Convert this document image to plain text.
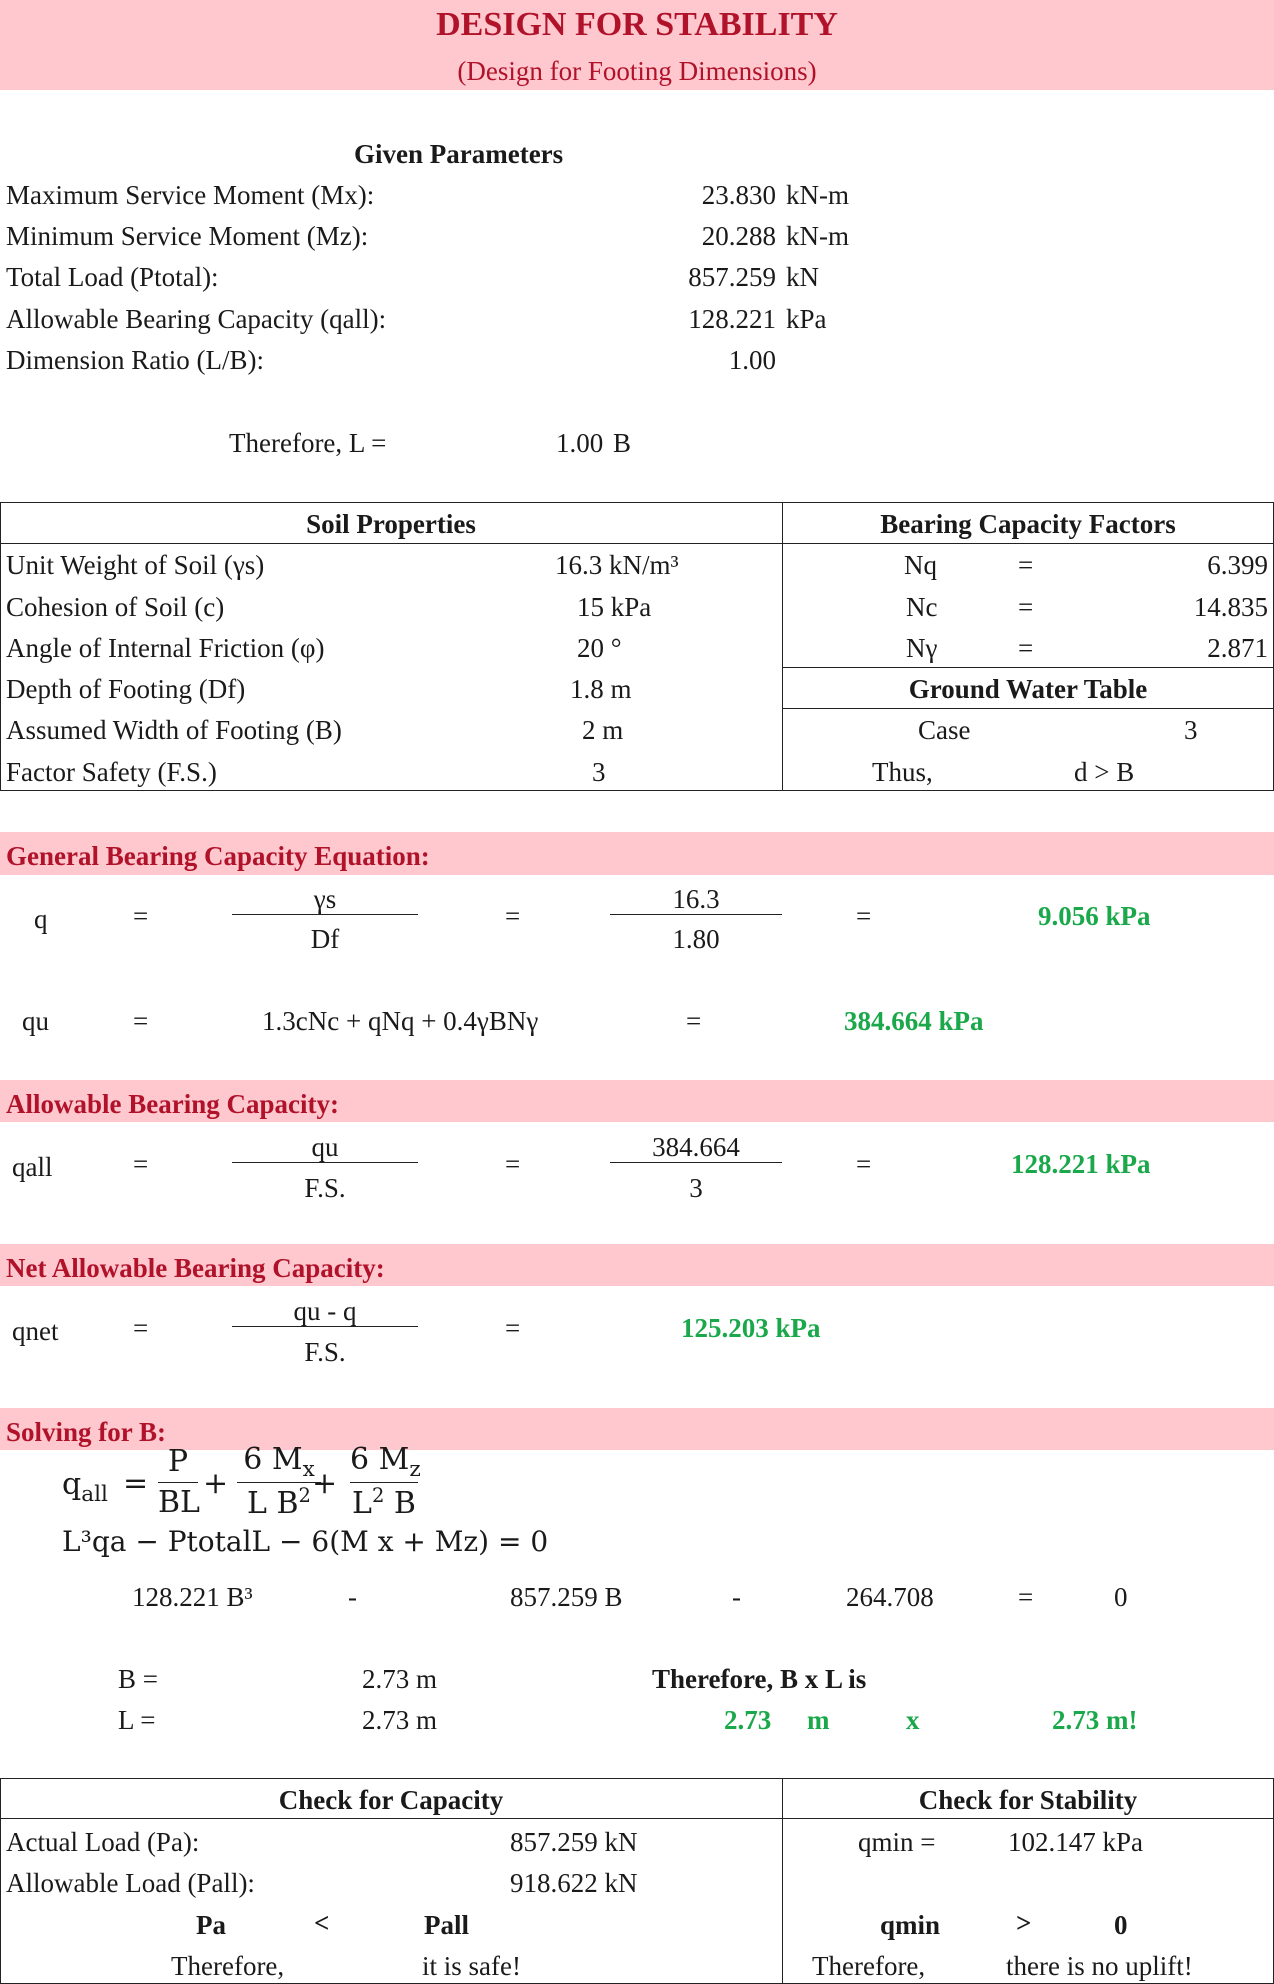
DESIGN FOR STABILITY
(Design for Footing Dimensions)
Given Parameters
Maximum Service Moment (Mx):	23.830 kN-m
Minimum Service Moment (Mz):	20.288 kN-m
Total Load (Ptotal):	857.259 kN
Allowable Bearing Capacity (qall):	128.221 kPa
Dimension Ratio (L/B):	1.00
Therefore, L =	1.00 B
Soil Properties	Bearing Capacity Factors
Unit Weight of Soil (γs)	16.3 kN/m³
Cohesion of Soil (c)	15 kPa
Angle of Internal Friction (φ)	20 °
Depth of Footing (Df)	1.8 m
Assumed Width of Footing (B)	2 m
Factor Safety (F.S.)	3
Nq	=	6.399
Nc	=	14.835
Nγ	=	2.871
Ground Water Table
Case	3
Thus,	d > B
General Bearing Capacity Equation:
q	=
γs
Df
=
16.3
1.80
=	9.056 kPa
qu	=	1.3cNc + qNq + 0.4γBNγ	=	384.664 kPa
Allowable Bearing Capacity:
qall	=
qu
F.S.
=
384.664
3
=	128.221 kPa
Net Allowable Bearing Capacity:
qnet	=
qu - q
F.S.
=	125.203 kPa
Solving for B:
$q_{all}$ =
P
BL
+
6 $M_x$
L $B^2$ +
6 $M_z$
$L^2$ B
L³qa − PtotalL − 6(M x + Mz) = 0
128.221 B³	-	857.259 B	-	264.708	=	0
B =	2.73 m	Therefore, B x L is
L =	2.73 m	2.73 m	x	2.73 m!
Check for Capacity	Check for Stability
Actual Load (Pa):	857.259 kN
Allowable Load (Pall):	918.622 kN
Pa	<	Pall
Therefore,	it is safe!
qmin =	102.147 kPa
qmin	>	0
Therefore,	there is no uplift!
